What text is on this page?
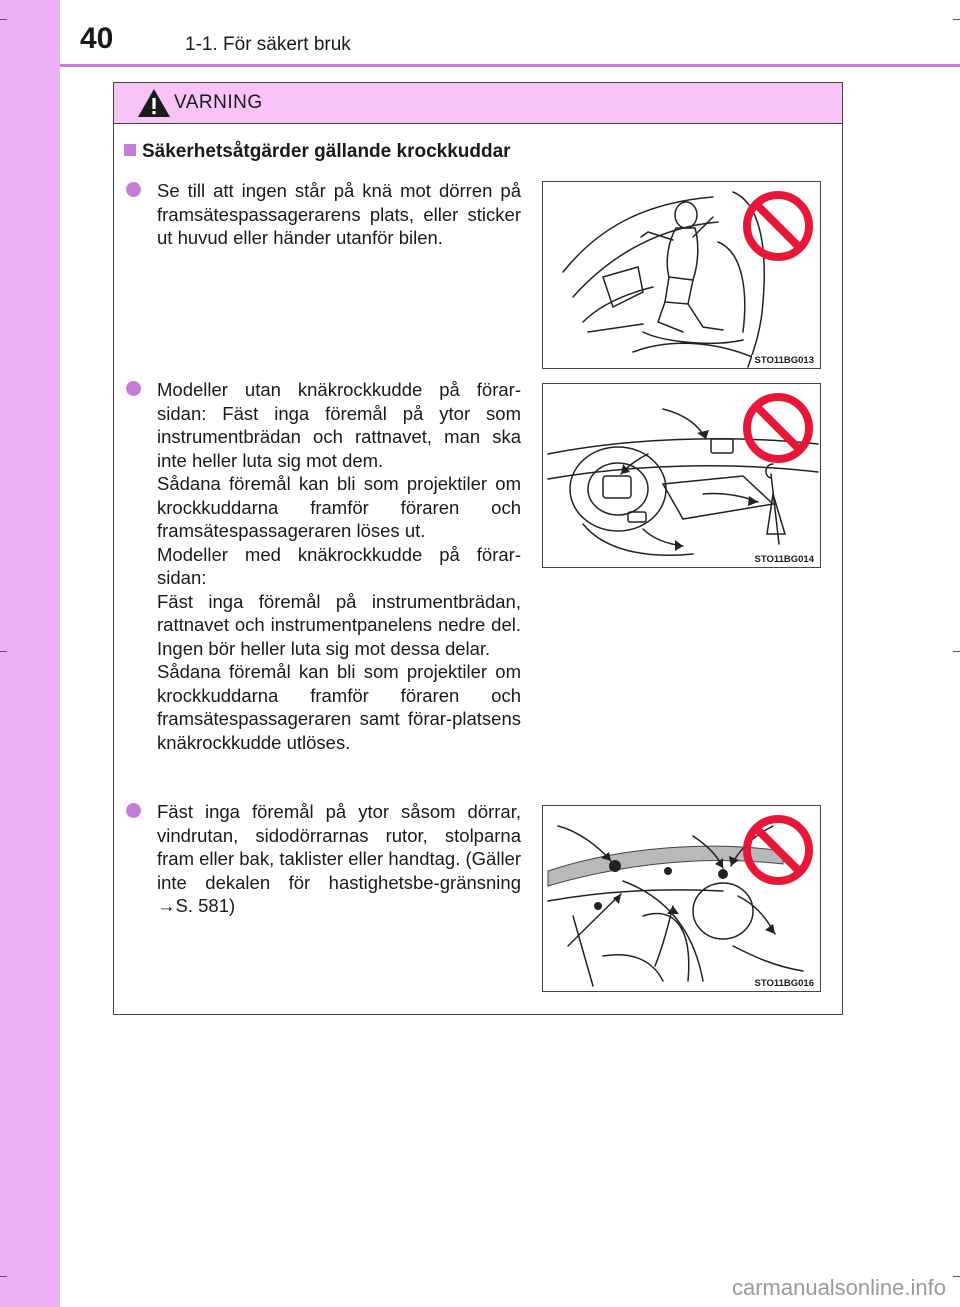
40	1-1. För säkert bruk
VARNING
Säkerhetsåtgärder gällande krockkuddar

Se till att ingen står på knä mot dörren på framsätespassagerarens plats, eller sticker ut huvud eller händer utanför bilen.

STO11BG013

Modeller utan knäkrockkudde på förar-sidan: Fäst inga föremål på ytor som instrumentbrädan och rattnavet, man ska inte heller luta sig mot dem.

Sådana föremål kan bli som projektiler om krockkuddarna framför föraren och framsätespassageraren löses ut.

Modeller med knäkrockkudde på förar-sidan:

Fäst inga föremål på instrumentbrädan, rattnavet och instrumentpanelens nedre del. Ingen bör heller luta sig mot dessa delar.

Sådana föremål kan bli som projektiler om krockkuddarna framför föraren och framsätespassageraren samt förar-platsens knäkrockkudde utlöses.

STO11BG014

Fäst inga föremål på ytor såsom dörrar, vindrutan, sidodörrarnas rutor, stolparna fram eller bak, taklister eller handtag. (Gäller inte dekalen för hastighetsbe-gränsning →S. 581)

STO11BG016
carmanualsonline.info
